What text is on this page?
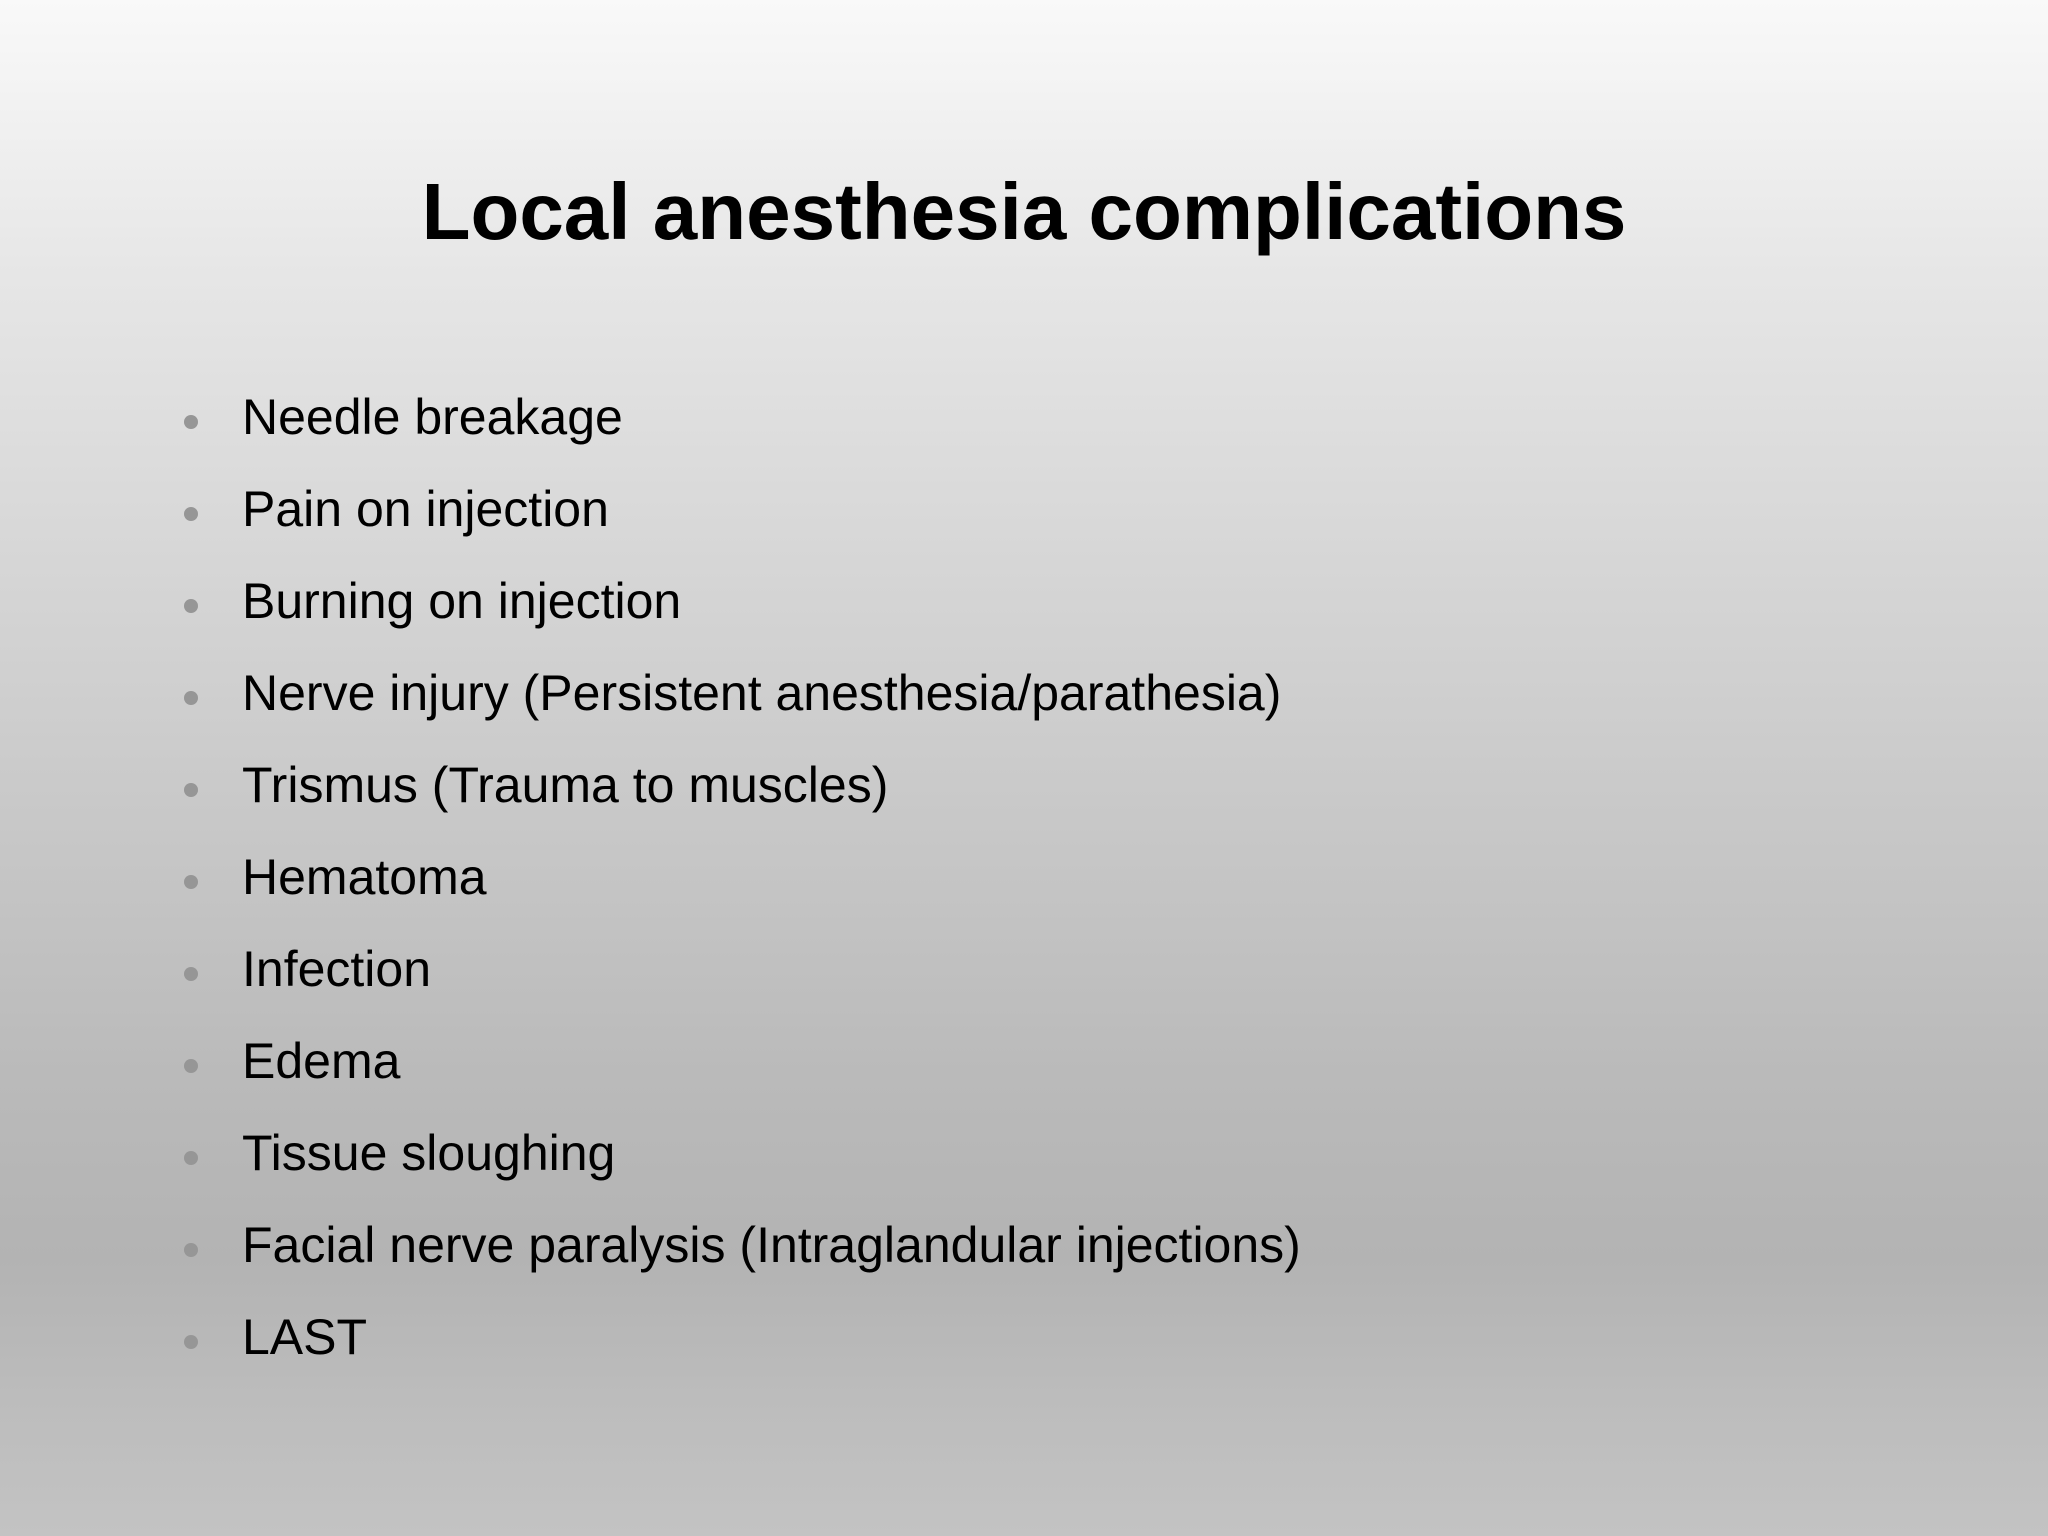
Local anesthesia complications
Needle breakage
Pain on injection
Burning on injection
Nerve injury (Persistent anesthesia/parathesia)
Trismus (Trauma to muscles)
Hematoma
Infection
Edema
Tissue sloughing
Facial nerve paralysis (Intraglandular injections)
LAST
